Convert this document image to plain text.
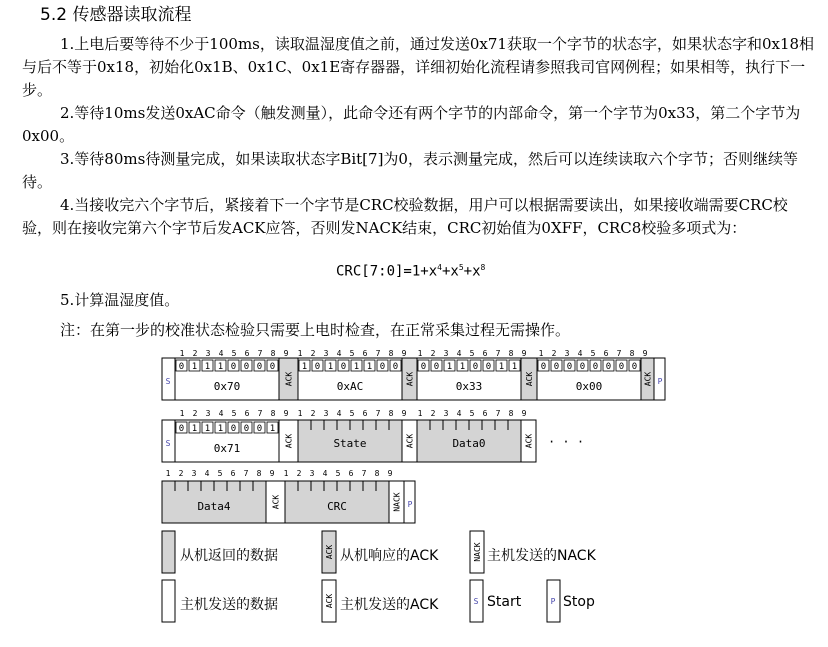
5.2 传感器读取流程

1.上电后要等待不少于100ms，读取温湿度值之前，通过发送0x71获取一个字节的状态字，如果状态字和0x18相与后不等于0x18，初始化0x1B、0x1C、0x1E寄存器器，详细初始化流程请参照我司官网例程；如果相等，执行下一步。

2.等待10ms发送0xAC命令（触发测量），此命令还有两个字节的内部命令，第一个字节为0x33，第二个字节为0x00。

3.等待80ms待测量完成，如果读取状态字Bit[7]为0，表示测量完成，然后可以连续读取六个字节；否则继续等待。

4.当接收完六个字节后，紧接着下一个字节是CRC校验数据，用户可以根据需要读出，如果接收端需要CRC校验，则在接收完第六个字节后发ACK应答，否则发NACK结束，CRC初始值为0XFF，CRC8校验多项式为：

$CRC[7:0]=1+x^4+x^5+x^8$

5.计算温湿度值。

注：在第一步的校准状态检验只需要上电时检查，在正常采集过程无需操作。

1 2 3 4 5 6 7 8 9 1 2 3 4 5 6 7 8 9 1 2 3 4 5 6 7 8 9 1 2 3 4 5 6 7 8 9
S
0 1 1 1 0 0 0 0
0x70
ACK
1 0 1 0 1 1 0 0
0xAC
ACK
0 0 1 1 0 0 1 1
0x33
ACK
0 0 0 0 0 0 0 0
0x00
ACK P
1 2 3 4 5 6 7 8 9 1 2 3 4 5 6 7 8 9 1 2 3 4 5 6 7 8 9
S
0 1 1 1 0 0 0 1
0x71
ACK	State	ACK	Data0	ACK · · ·
1 2 3 4 5 6 7 8 9 1 2 3 4 5 6 7 8 9
Data4	ACK	CRC	NACK P
ACK	NACK
ACK	S	P
从机返回的数据	从机响应的ACK	主机发送的NACK
主机发送的数据	主机发送的ACK	Start	Stop
